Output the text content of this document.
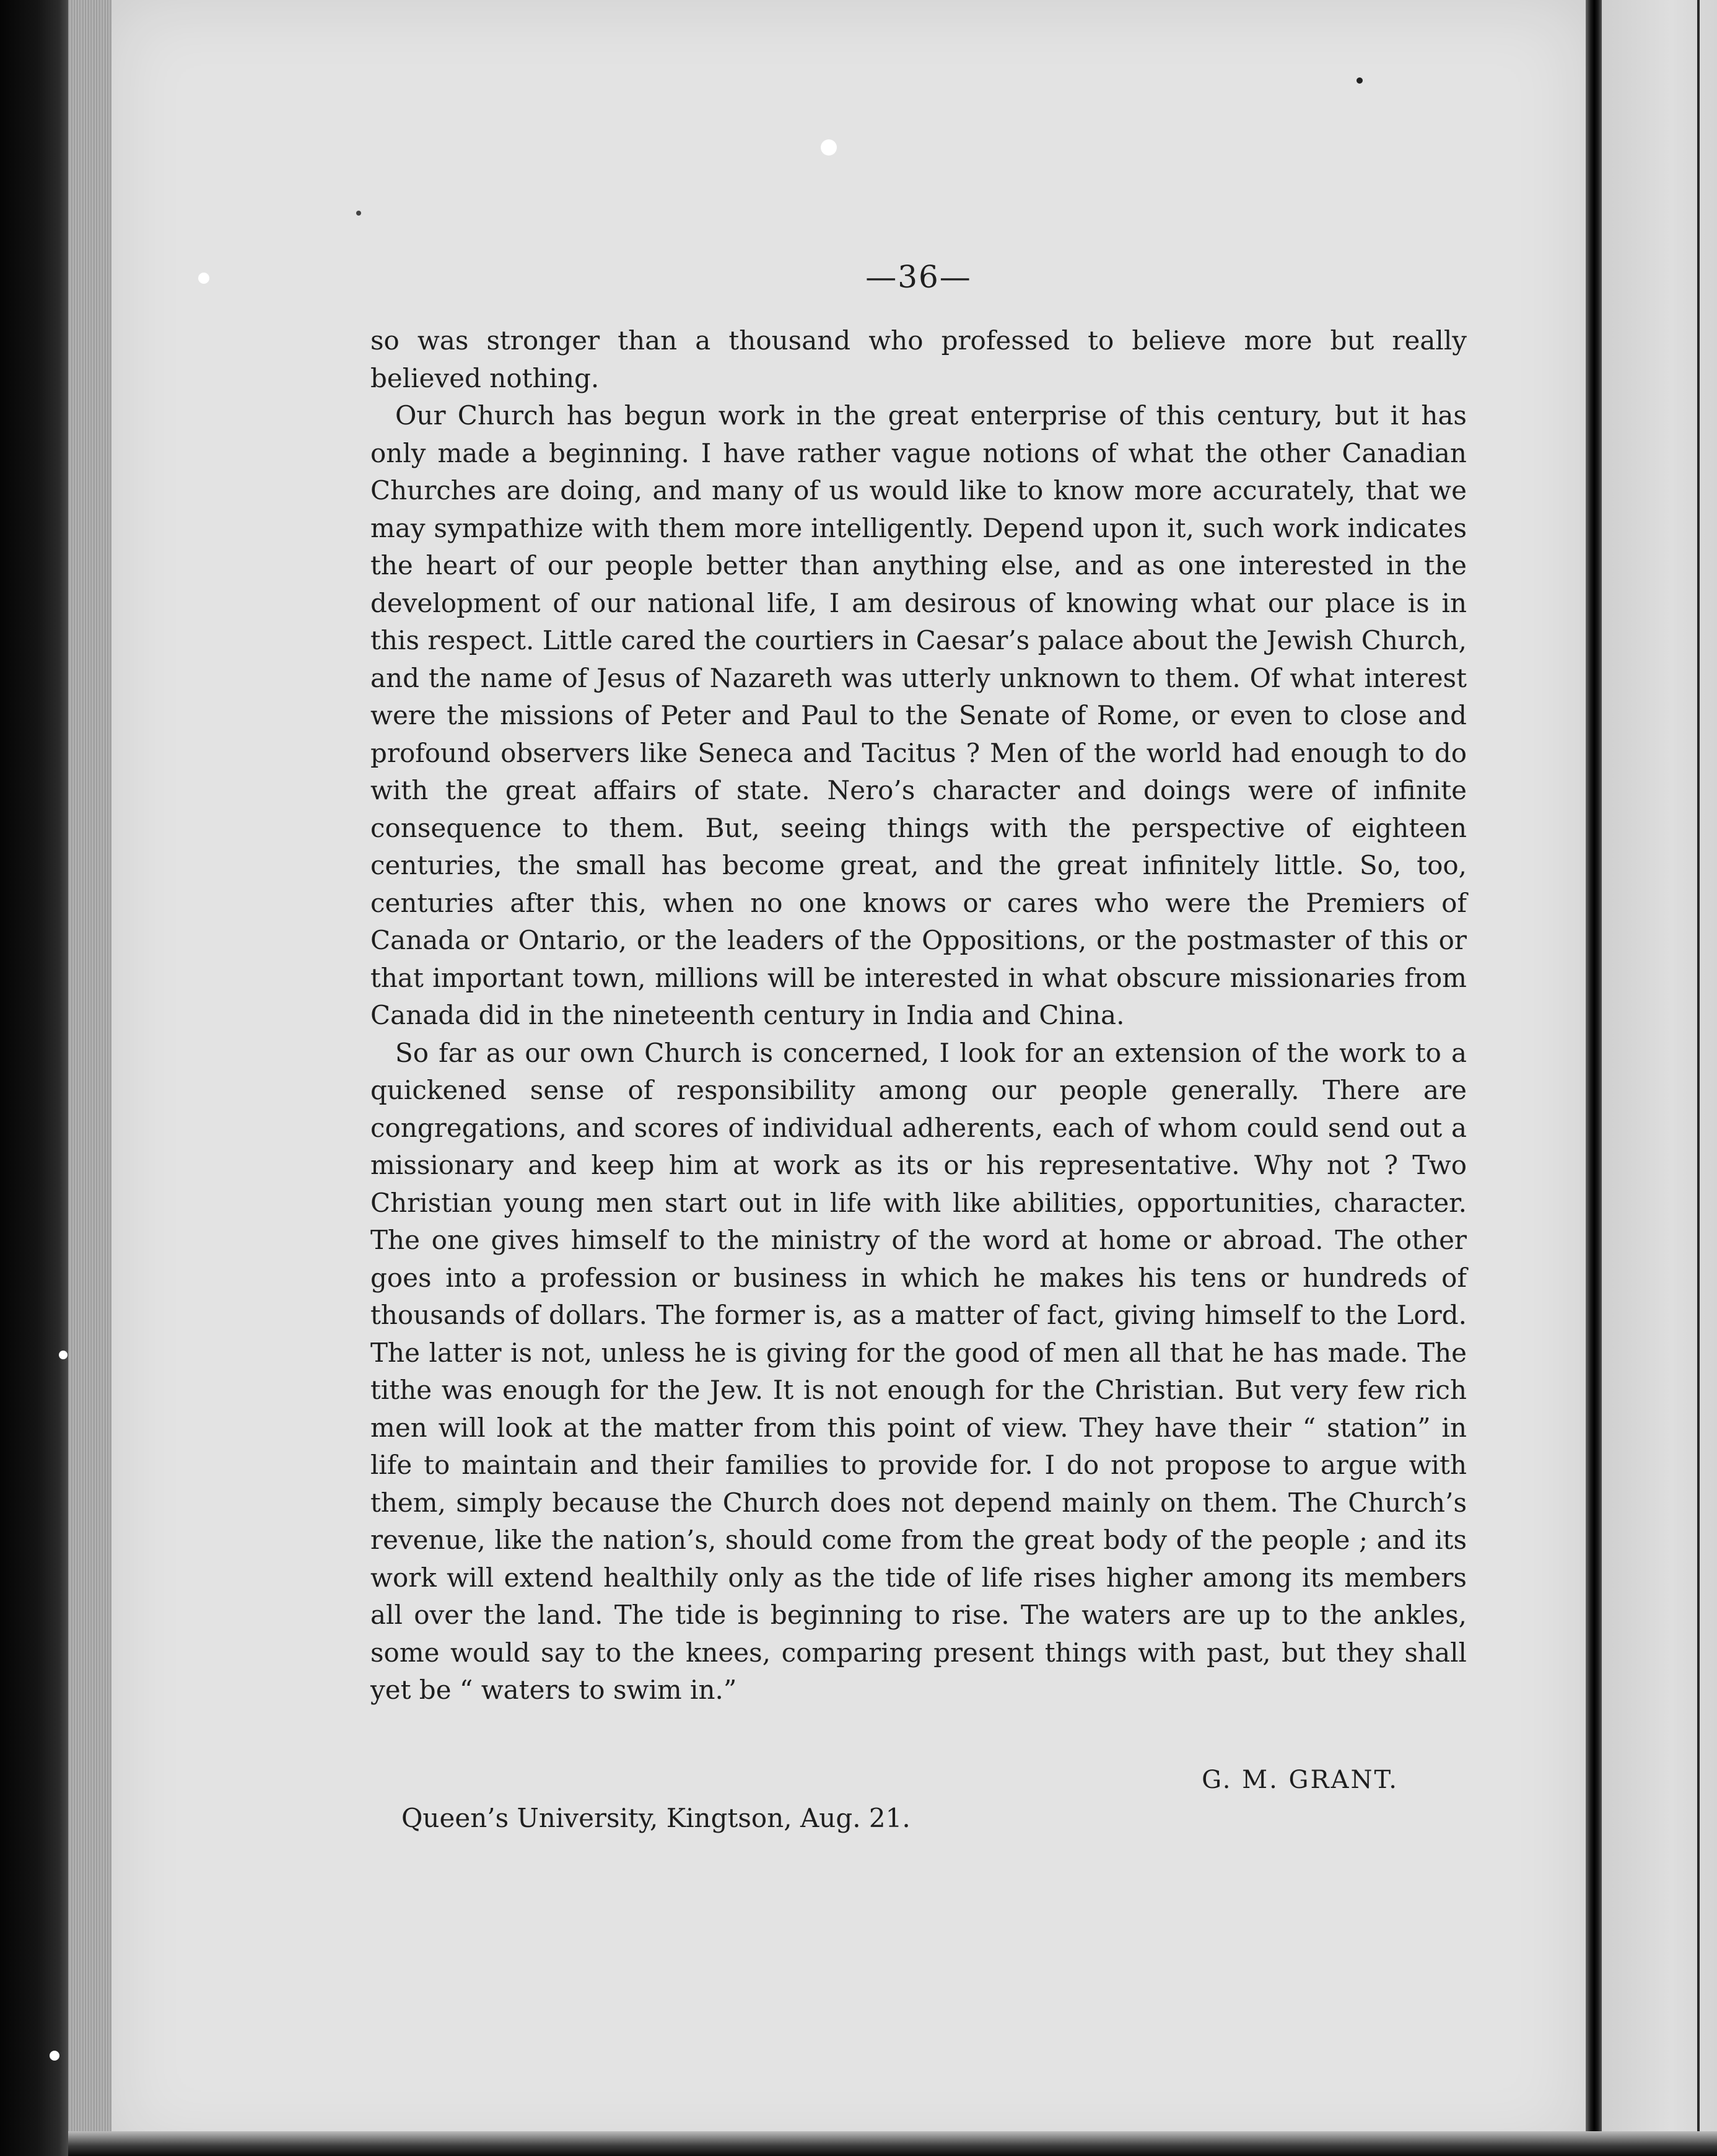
—36—

so was stronger than a thousand who professed to believe more but really believed nothing.

Our Church has begun work in the great enterprise of this century, but it has only made a beginning. I have rather vague notions of what the other Canadian Churches are doing, and many of us would like to know more accurately, that we may sympathize with them more intelligently. Depend upon it, such work indicates the heart of our people better than anything else, and as one interested in the development of our national life, I am desirous of knowing what our place is in this respect. Little cared the courtiers in Caesar’s palace about the Jewish Church, and the name of Jesus of Nazareth was utterly unknown to them. Of what interest were the missions of Peter and Paul to the Senate of Rome, or even to close and profound observers like Seneca and Tacitus ? Men of the world had enough to do with the great affairs of state. Nero’s character and doings were of infinite consequence to them. But, seeing things with the perspective of eighteen centuries, the small has become great, and the great infinitely little. So, too, centuries after this, when no one knows or cares who were the Premiers of Canada or Ontario, or the leaders of the Oppositions, or the postmaster of this or that important town, millions will be interested in what obscure missionaries from Canada did in the nineteenth century in India and China.

So far as our own Church is concerned, I look for an extension of the work to a quickened sense of responsibility among our people generally. There are congregations, and scores of individual adherents, each of whom could send out a missionary and keep him at work as its or his representative. Why not ? Two Christian young men start out in life with like abilities, opportunities, character. The one gives himself to the ministry of the word at home or abroad. The other goes into a profession or business in which he makes his tens or hundreds of thousands of dollars. The former is, as a matter of fact, giving himself to the Lord. The latter is not, unless he is giving for the good of men all that he has made. The tithe was enough for the Jew. It is not enough for the Christian. But very few rich men will look at the matter from this point of view. They have their “ station” in life to maintain and their families to provide for. I do not propose to argue with them, simply because the Church does not depend mainly on them. The Church’s revenue, like the nation’s, should come from the great body of the people ; and its work will extend healthily only as the tide of life rises higher among its members all over the land. The tide is beginning to rise. The waters are up to the ankles, some would say to the knees, comparing present things with past, but they shall yet be “ waters to swim in.”

G. M. GRANT.
Queen’s University, Kingtson, Aug. 21.
